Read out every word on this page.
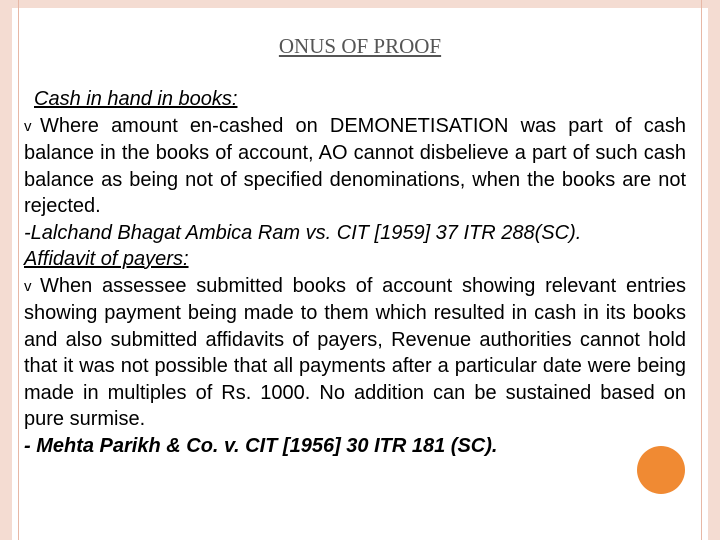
ONUS OF PROOF
Cash in hand in books:
v Where amount en-cashed on DEMONETISATION was part of cash balance in the books of account, AO cannot disbelieve a part of such cash balance as being not of specified denominations, when the books are not rejected.
-Lalchand Bhagat Ambica Ram vs. CIT [1959] 37 ITR 288(SC).
Affidavit of payers:
v When assessee submitted books of account showing relevant entries showing payment being made to them which resulted in cash in its books and also submitted affidavits of payers, Revenue authorities cannot hold that it was not possible that all payments after a particular date were being made in multiples of Rs. 1000. No addition can be sustained based on pure surmise.
- Mehta Parikh & Co. v. CIT [1956] 30 ITR 181 (SC).
